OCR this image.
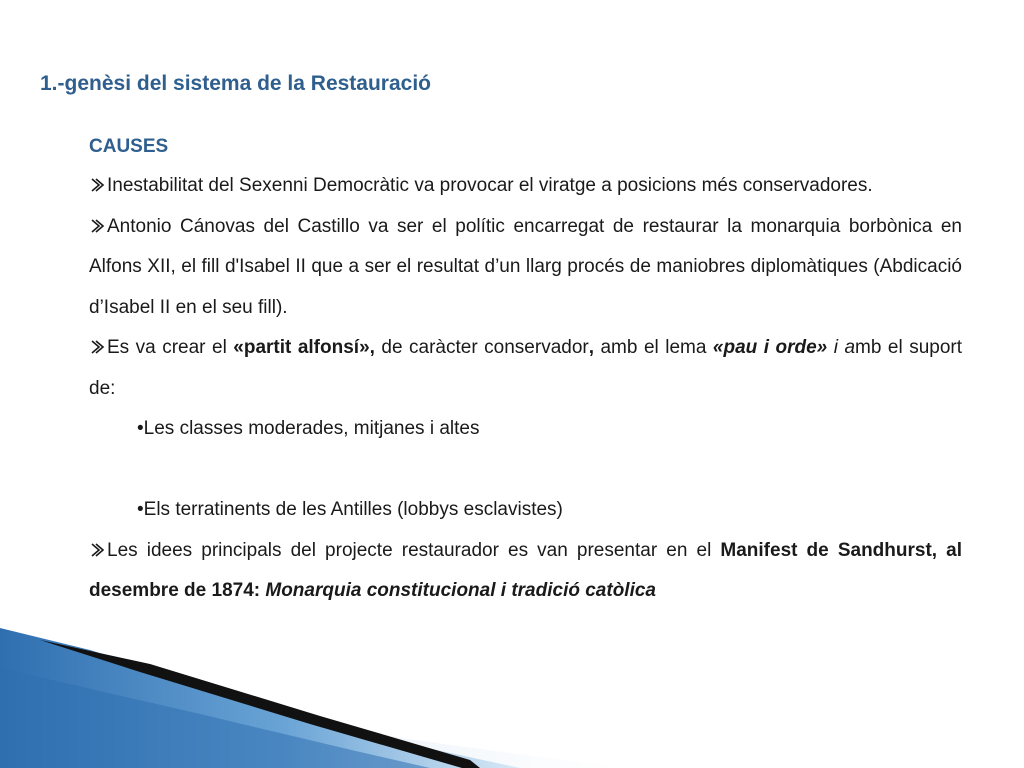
1.-genèsi del sistema de la Restauració

CAUSES

Inestabilitat del Sexenni Democràtic va provocar el viratge a posicions més conservadores.

Antonio Cánovas del Castillo va ser el polític encarregat de restaurar la monarquia borbònica en Alfons XII, el fill d'Isabel II que a ser el resultat d’un llarg procés de maniobres diplomàtiques (Abdicació d’Isabel II en el seu fill).

Es va crear el «partit alfonsí», de caràcter conservador, amb el lema «pau i orde» i amb el suport de:

•Les classes moderades, mitjanes i altes

•Els terratinents de les Antilles (lobbys esclavistes)

Les idees principals del projecte restaurador es van presentar en el Manifest de Sandhurst, al desembre de 1874: Monarquia constitucional i tradició catòlica
